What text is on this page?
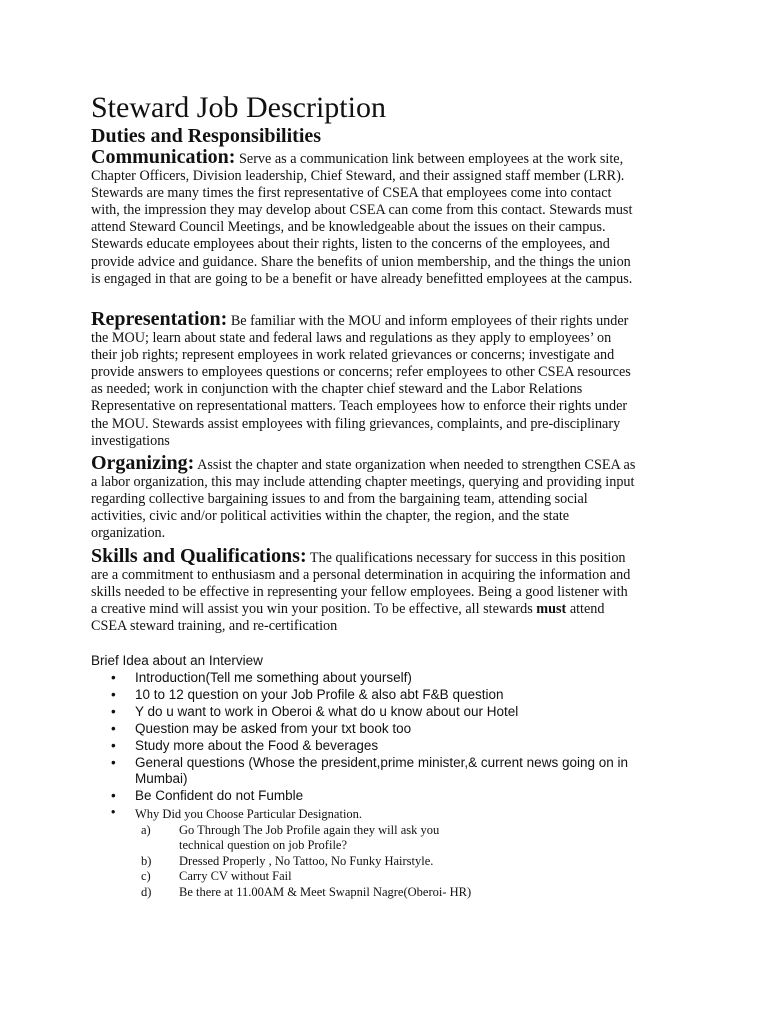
Steward Job Description
Duties and Responsibilities

Communication: Serve as a communication link between employees at the work site, Chapter Officers, Division leadership, Chief Steward, and their assigned staff member (LRR). Stewards are many times the first representative of CSEA that employees come into contact with, the impression they may develop about CSEA can come from this contact. Stewards must attend Steward Council Meetings, and be knowledgeable about the issues on their campus. Stewards educate employees about their rights, listen to the concerns of the employees, and provide advice and guidance. Share the benefits of union membership, and the things the union is engaged in that are going to be a benefit or have already benefitted employees at the campus.

Representation: Be familiar with the MOU and inform employees of their rights under the MOU; learn about state and federal laws and regulations as they apply to employees’ on their job rights; represent employees in work related grievances or concerns; investigate and provide answers to employees questions or concerns; refer employees to other CSEA resources as needed; work in conjunction with the chapter chief steward and the Labor Relations Representative on representational matters. Teach employees how to enforce their rights under the MOU. Stewards assist employees with filing grievances, complaints, and pre-disciplinary investigations

Organizing: Assist the chapter and state organization when needed to strengthen CSEA as a labor organization, this may include attending chapter meetings, querying and providing input regarding collective bargaining issues to and from the bargaining team, attending social activities, civic and/or political activities within the chapter, the region, and the state organization.

Skills and Qualifications: The qualifications necessary for success in this position are a commitment to enthusiasm and a personal determination in acquiring the information and skills needed to be effective in representing your fellow employees. Being a good listener with a creative mind will assist you win your position. To be effective, all stewards must attend CSEA steward training, and re-certification

Brief Idea about an Interview

• Introduction(Tell me something about yourself)
• 10 to 12 question on your Job Profile & also abt F&B question
• Y do u want to work in Oberoi & what do u know about our Hotel
• Question may be asked from your txt book too
• Study more about the Food & beverages
• General questions (Whose the president,prime minister,& current news going on in Mumbai)
• Be Confident do not Fumble
• Why Did you Choose Particular Designation.
a) Go Through The Job Profile again they will ask you technical question on job Profile?
b) Dressed Properly , No Tattoo, No Funky Hairstyle.
c) Carry CV without Fail
d) Be there at 11.00AM & Meet Swapnil Nagre(Oberoi- HR)
